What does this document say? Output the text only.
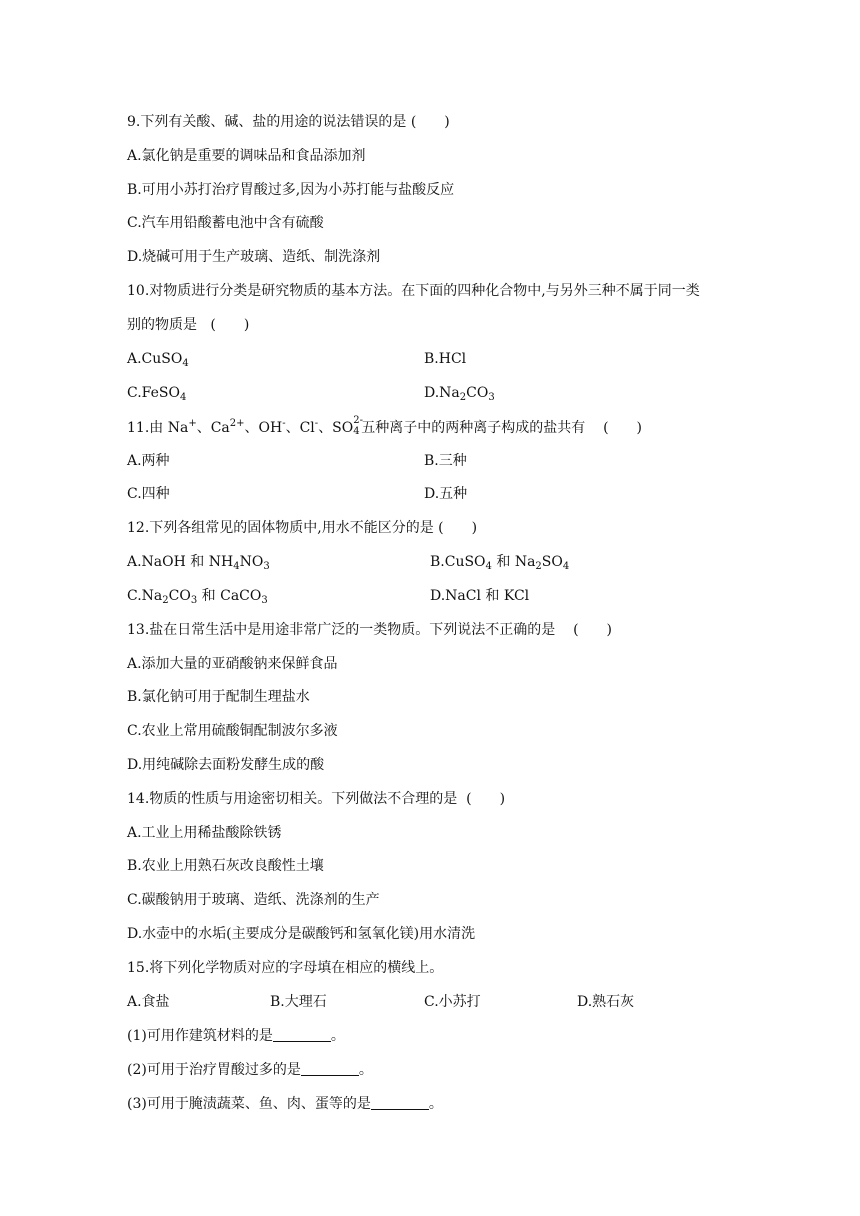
9.下列有关酸、碱、盐的用途的说法错误的是 (　　)
A.氯化钠是重要的调味品和食品添加剂
B.可用小苏打治疗胃酸过多,因为小苏打能与盐酸反应
C.汽车用铅酸蓄电池中含有硫酸
D.烧碱可用于生产玻璃、造纸、制洗涤剂
10.对物质进行分类是研究物质的基本方法。在下面的四种化合物中,与另外三种不属于同一类
别的物质是 (　　)
A.CuSO$_4$	B.HCl
C.FeSO$_4$	$D.Na_2CO_3$
11.由 Na+、$Ca^{2+}$、OH-、Cl-、SO 2-
4 五种离子中的两种离子构成的盐共有 (　　)
A.两种	B.三种
C.四种	D.五种
12.下列各组常见的固体物质中,用水不能区分的是 (　　)
A.NaOH 和 $NH_4NO_3$	B.CuSO$_4$ 和 $Na_2SO_4$
$C.Na_2CO_3$ 和 CaCO$_3$	D.NaCl 和 KCl
13.盐在日常生活中是用途非常广泛的一类物质。下列说法不正确的是 (　　)
A.添加大量的亚硝酸钠来保鲜食品
B.氯化钠可用于配制生理盐水
C.农业上常用硫酸铜配制波尔多液
D.用纯碱除去面粉发酵生成的酸
14.物质的性质与用途密切相关。下列做法不合理的是 (　　)
A.工业上用稀盐酸除铁锈
B.农业上用熟石灰改良酸性土壤
C.碳酸钠用于玻璃、造纸、洗涤剂的生产
D.水壶中的水垢(主要成分是碳酸钙和氢氧化镁)用水清洗
15.将下列化学物质对应的字母填在相应的横线上。
A.食盐	B.大理石	C.小苏打	D.熟石灰
(1)可用作建筑材料的是	。
(2)可用于治疗胃酸过多的是	。
(3)可用于腌渍蔬菜、鱼、肉、蛋等的是	。
